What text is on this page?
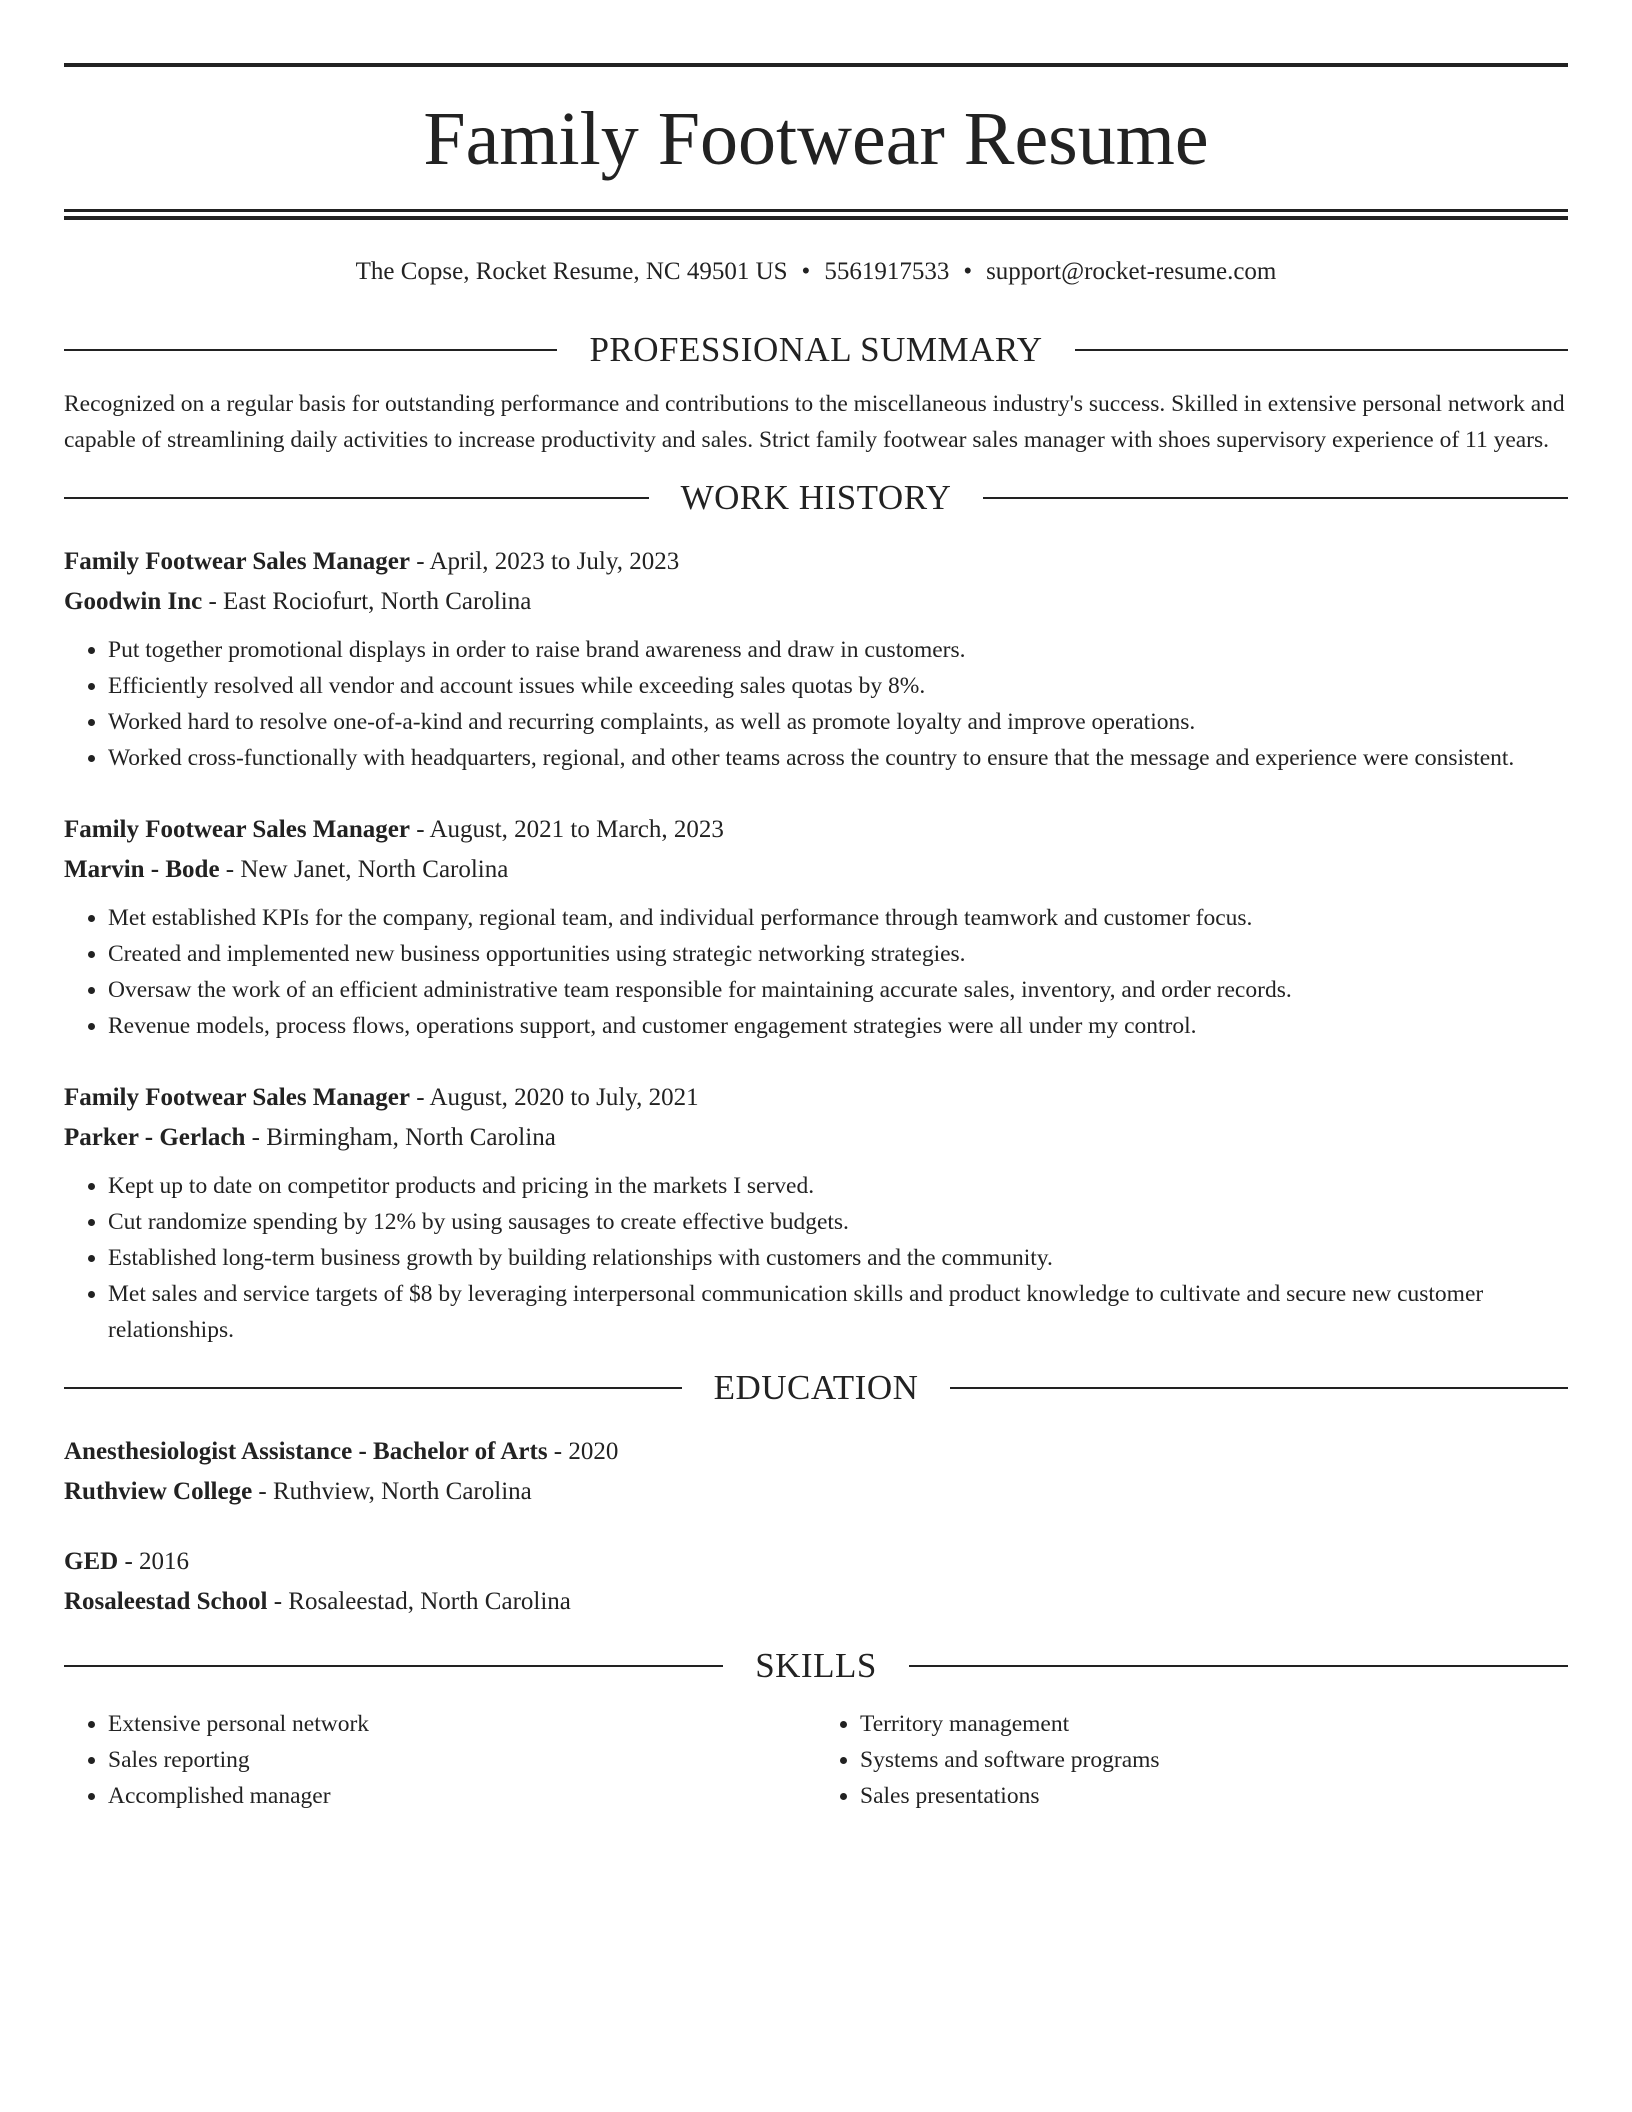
Family Footwear Resume
The Copse, Rocket Resume, NC 49501 US • 5561917533 • support@rocket-resume.com
PROFESSIONAL SUMMARY
Recognized on a regular basis for outstanding performance and contributions to the miscellaneous industry's success. Skilled in extensive personal network and capable of streamlining daily activities to increase productivity and sales. Strict family footwear sales manager with shoes supervisory experience of 11 years.
WORK HISTORY
Family Footwear Sales Manager - April, 2023 to July, 2023
Goodwin Inc - East Rociofurt, North Carolina
• Put together promotional displays in order to raise brand awareness and draw in customers.
• Efficiently resolved all vendor and account issues while exceeding sales quotas by 8%.
• Worked hard to resolve one-of-a-kind and recurring complaints, as well as promote loyalty and improve operations.
• Worked cross-functionally with headquarters, regional, and other teams across the country to ensure that the message and experience were consistent.
Family Footwear Sales Manager - August, 2021 to March, 2023
Marvin - Bode - New Janet, North Carolina
• Met established KPIs for the company, regional team, and individual performance through teamwork and customer focus.
• Created and implemented new business opportunities using strategic networking strategies.
• Oversaw the work of an efficient administrative team responsible for maintaining accurate sales, inventory, and order records.
• Revenue models, process flows, operations support, and customer engagement strategies were all under my control.
Family Footwear Sales Manager - August, 2020 to July, 2021
Parker - Gerlach - Birmingham, North Carolina
• Kept up to date on competitor products and pricing in the markets I served.
• Cut randomize spending by 12% by using sausages to create effective budgets.
• Established long-term business growth by building relationships with customers and the community.
• Met sales and service targets of $8 by leveraging interpersonal communication skills and product knowledge to cultivate and secure new customer relationships.
EDUCATION
Anesthesiologist Assistance - Bachelor of Arts - 2020
Ruthview College - Ruthview, North Carolina
GED - 2016
Rosaleestad School - Rosaleestad, North Carolina
SKILLS
• Extensive personal network
• Sales reporting
• Accomplished manager
• Territory management
• Systems and software programs
• Sales presentations
